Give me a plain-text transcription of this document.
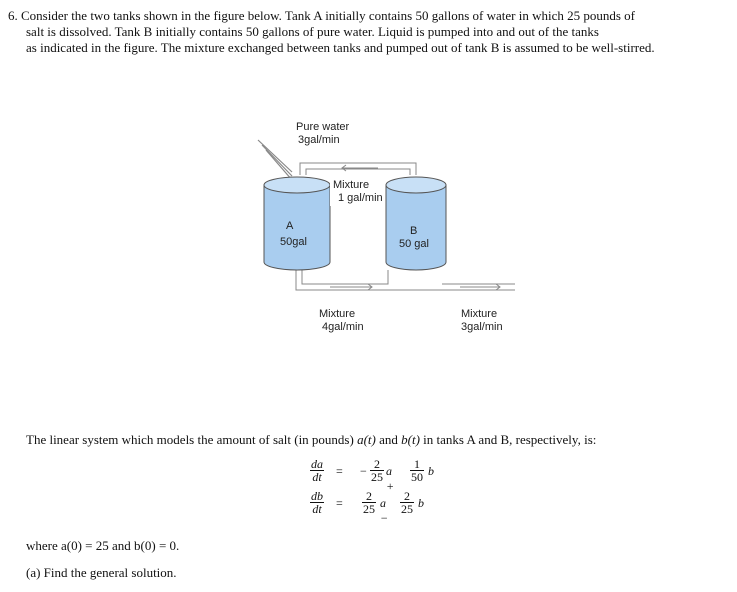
6. Consider the two tanks shown in the figure below. Tank A initially contains 50 gallons of water in which 25 pounds of
salt is dissolved. Tank B initially contains 50 gallons of pure water. Liquid is pumped into and out of the tanks
as indicated in the figure. The mixture exchanged between tanks and pumped out of tank B is assumed to be well-stirred.
Pure water
3gal/min
Mixture
1 gal/min
A
50gal
B
50 gal
Mixture
4gal/min
Mixture
3gal/min
The linear system which models the amount of salt (in pounds) a(t) and b(t) in tanks A and B, respectively, is:
$\frac{da}{dt}$ = − $\frac{2}{25}$ a +
$\frac{1}{50}$ b
$\frac{db}{dt} = \frac{2}{25}$ a −
$\frac{2}{25}$ b
where a(0) = 25 and b(0) = 0.
(a) Find the general solution.
